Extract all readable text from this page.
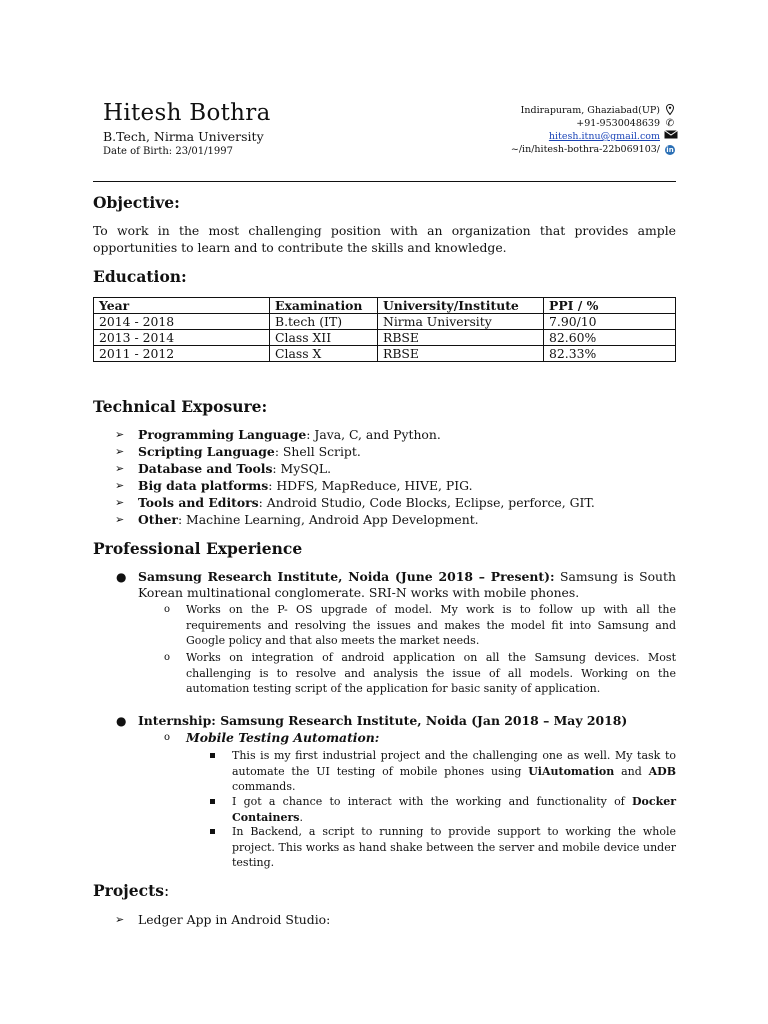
Hitesh Bothra
B.Tech, Nirma University
Date of Birth: 23/01/1997
Indirapuram, Ghaziabad(UP)
+91-9530048639 ✆
hitesh.itnu@gmail.com
~/in/hitesh-bothra-22b069103/ in
Objective:
To work in the most challenging position with an organization that provides ample opportunities to learn and to contribute the skills and knowledge.
Education:
Year	Examination	University/Institute	PPI / %
2014 - 2018	B.tech (IT)	Nirma University	7.90/10
2013 - 2014	Class XII	RBSE	82.60%
2011 - 2012	Class X	RBSE	82.33%
Technical Exposure:
➢ Programming Language: Java, C, and Python.
➢ Scripting Language: Shell Script.
➢ Database and Tools: MySQL.
➢ Big data platforms: HDFS, MapReduce, HIVE, PIG.
➢ Tools and Editors: Android Studio, Code Blocks, Eclipse, perforce, GIT.
➢ Other: Machine Learning, Android App Development.
Professional Experience
● Samsung Research Institute, Noida (June 2018 – Present): Samsung is South Korean multinational conglomerate. SRI-N works with mobile phones.
o Works on the P- OS upgrade of model. My work is to follow up with all the requirements and resolving the issues and makes the model fit into Samsung and Google policy and that also meets the market needs.
o Works on integration of android application on all the Samsung devices. Most challenging is to resolve and analysis the issue of all models. Working on the automation testing script of the application for basic sanity of application.
● Internship: Samsung Research Institute, Noida (Jan 2018 – May 2018)
o Mobile Testing Automation:
This is my first industrial project and the challenging one as well. My task to automate the UI testing of mobile phones using UiAutomation and ADB commands.
I got a chance to interact with the working and functionality of Docker Containers.
In Backend, a script to running to provide support to working the whole project. This works as hand shake between the server and mobile device under testing.
Projects:
➢ Ledger App in Android Studio:
